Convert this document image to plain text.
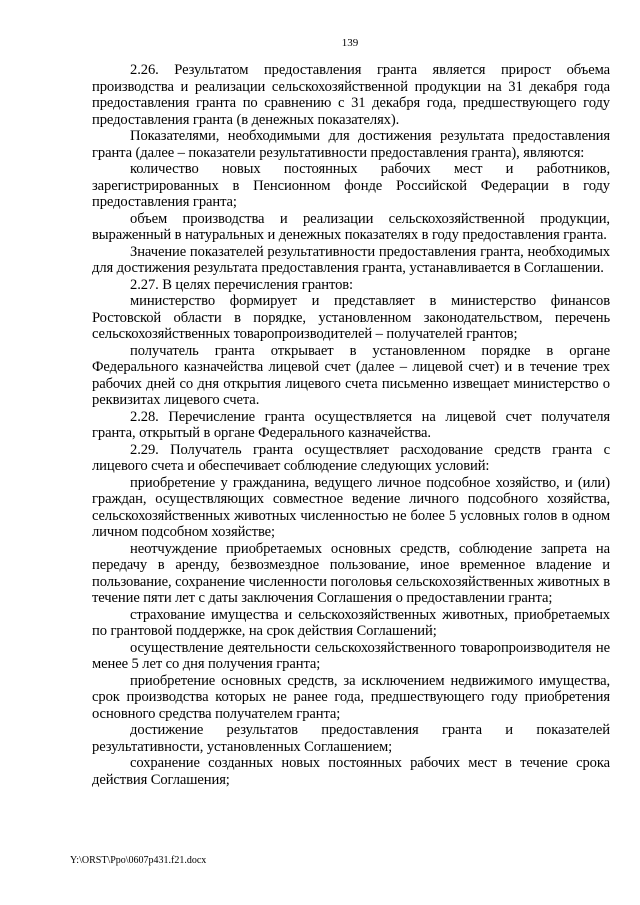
139

2.26. Результатом предоставления гранта является прирост объема производства и реализации сельскохозяйственной продукции на 31 декабря года предоставления гранта по сравнению с 31 декабря года, предшествующего году предоставления гранта (в денежных показателях).

Показателями, необходимыми для достижения результата предоставления гранта (далее – показатели результативности предоставления гранта), являются:

количество новых постоянных рабочих мест и работников, зарегистрированных в Пенсионном фонде Российской Федерации в году предоставления гранта;

объем производства и реализации сельскохозяйственной продукции, выраженный в натуральных и денежных показателях в году предоставления гранта.

Значение показателей результативности предоставления гранта, необходимых для достижения результата предоставления гранта, устанавливается в Соглашении.

2.27. В целях перечисления грантов:

министерство формирует и представляет в министерство финансов Ростовской области в порядке, установленном законодательством, перечень сельскохозяйственных товаропроизводителей – получателей грантов;

получатель гранта открывает в установленном порядке в органе Федерального казначейства лицевой счет (далее – лицевой счет) и в течение трех рабочих дней со дня открытия лицевого счета письменно извещает министерство о реквизитах лицевого счета.

2.28. Перечисление гранта осуществляется на лицевой счет получателя гранта, открытый в органе Федерального казначейства.

2.29. Получатель гранта осуществляет расходование средств гранта с лицевого счета и обеспечивает соблюдение следующих условий:

приобретение у гражданина, ведущего личное подсобное хозяйство, и (или) граждан, осуществляющих совместное ведение личного подсобного хозяйства, сельскохозяйственных животных численностью не более 5 условных голов в одном личном подсобном хозяйстве;

неотчуждение приобретаемых основных средств, соблюдение запрета на передачу в аренду, безвозмездное пользование, иное временное владение и пользование, сохранение численности поголовья сельскохозяйственных животных в течение пяти лет с даты заключения Соглашения о предоставлении гранта;

страхование имущества и сельскохозяйственных животных, приобретаемых по грантовой поддержке, на срок действия Соглашений;

осуществление деятельности сельскохозяйственного товаропроизводителя не менее 5 лет со дня получения гранта;

приобретение основных средств, за исключением недвижимого имущества, срок производства которых не ранее года, предшествующего году приобретения основного средства получателем гранта;

достижение результатов предоставления гранта и показателей результативности, установленных Соглашением;

сохранение созданных новых постоянных рабочих мест в течение срока действия Соглашения;

Y:\ORST\Ppo\0607p431.f21.docx
